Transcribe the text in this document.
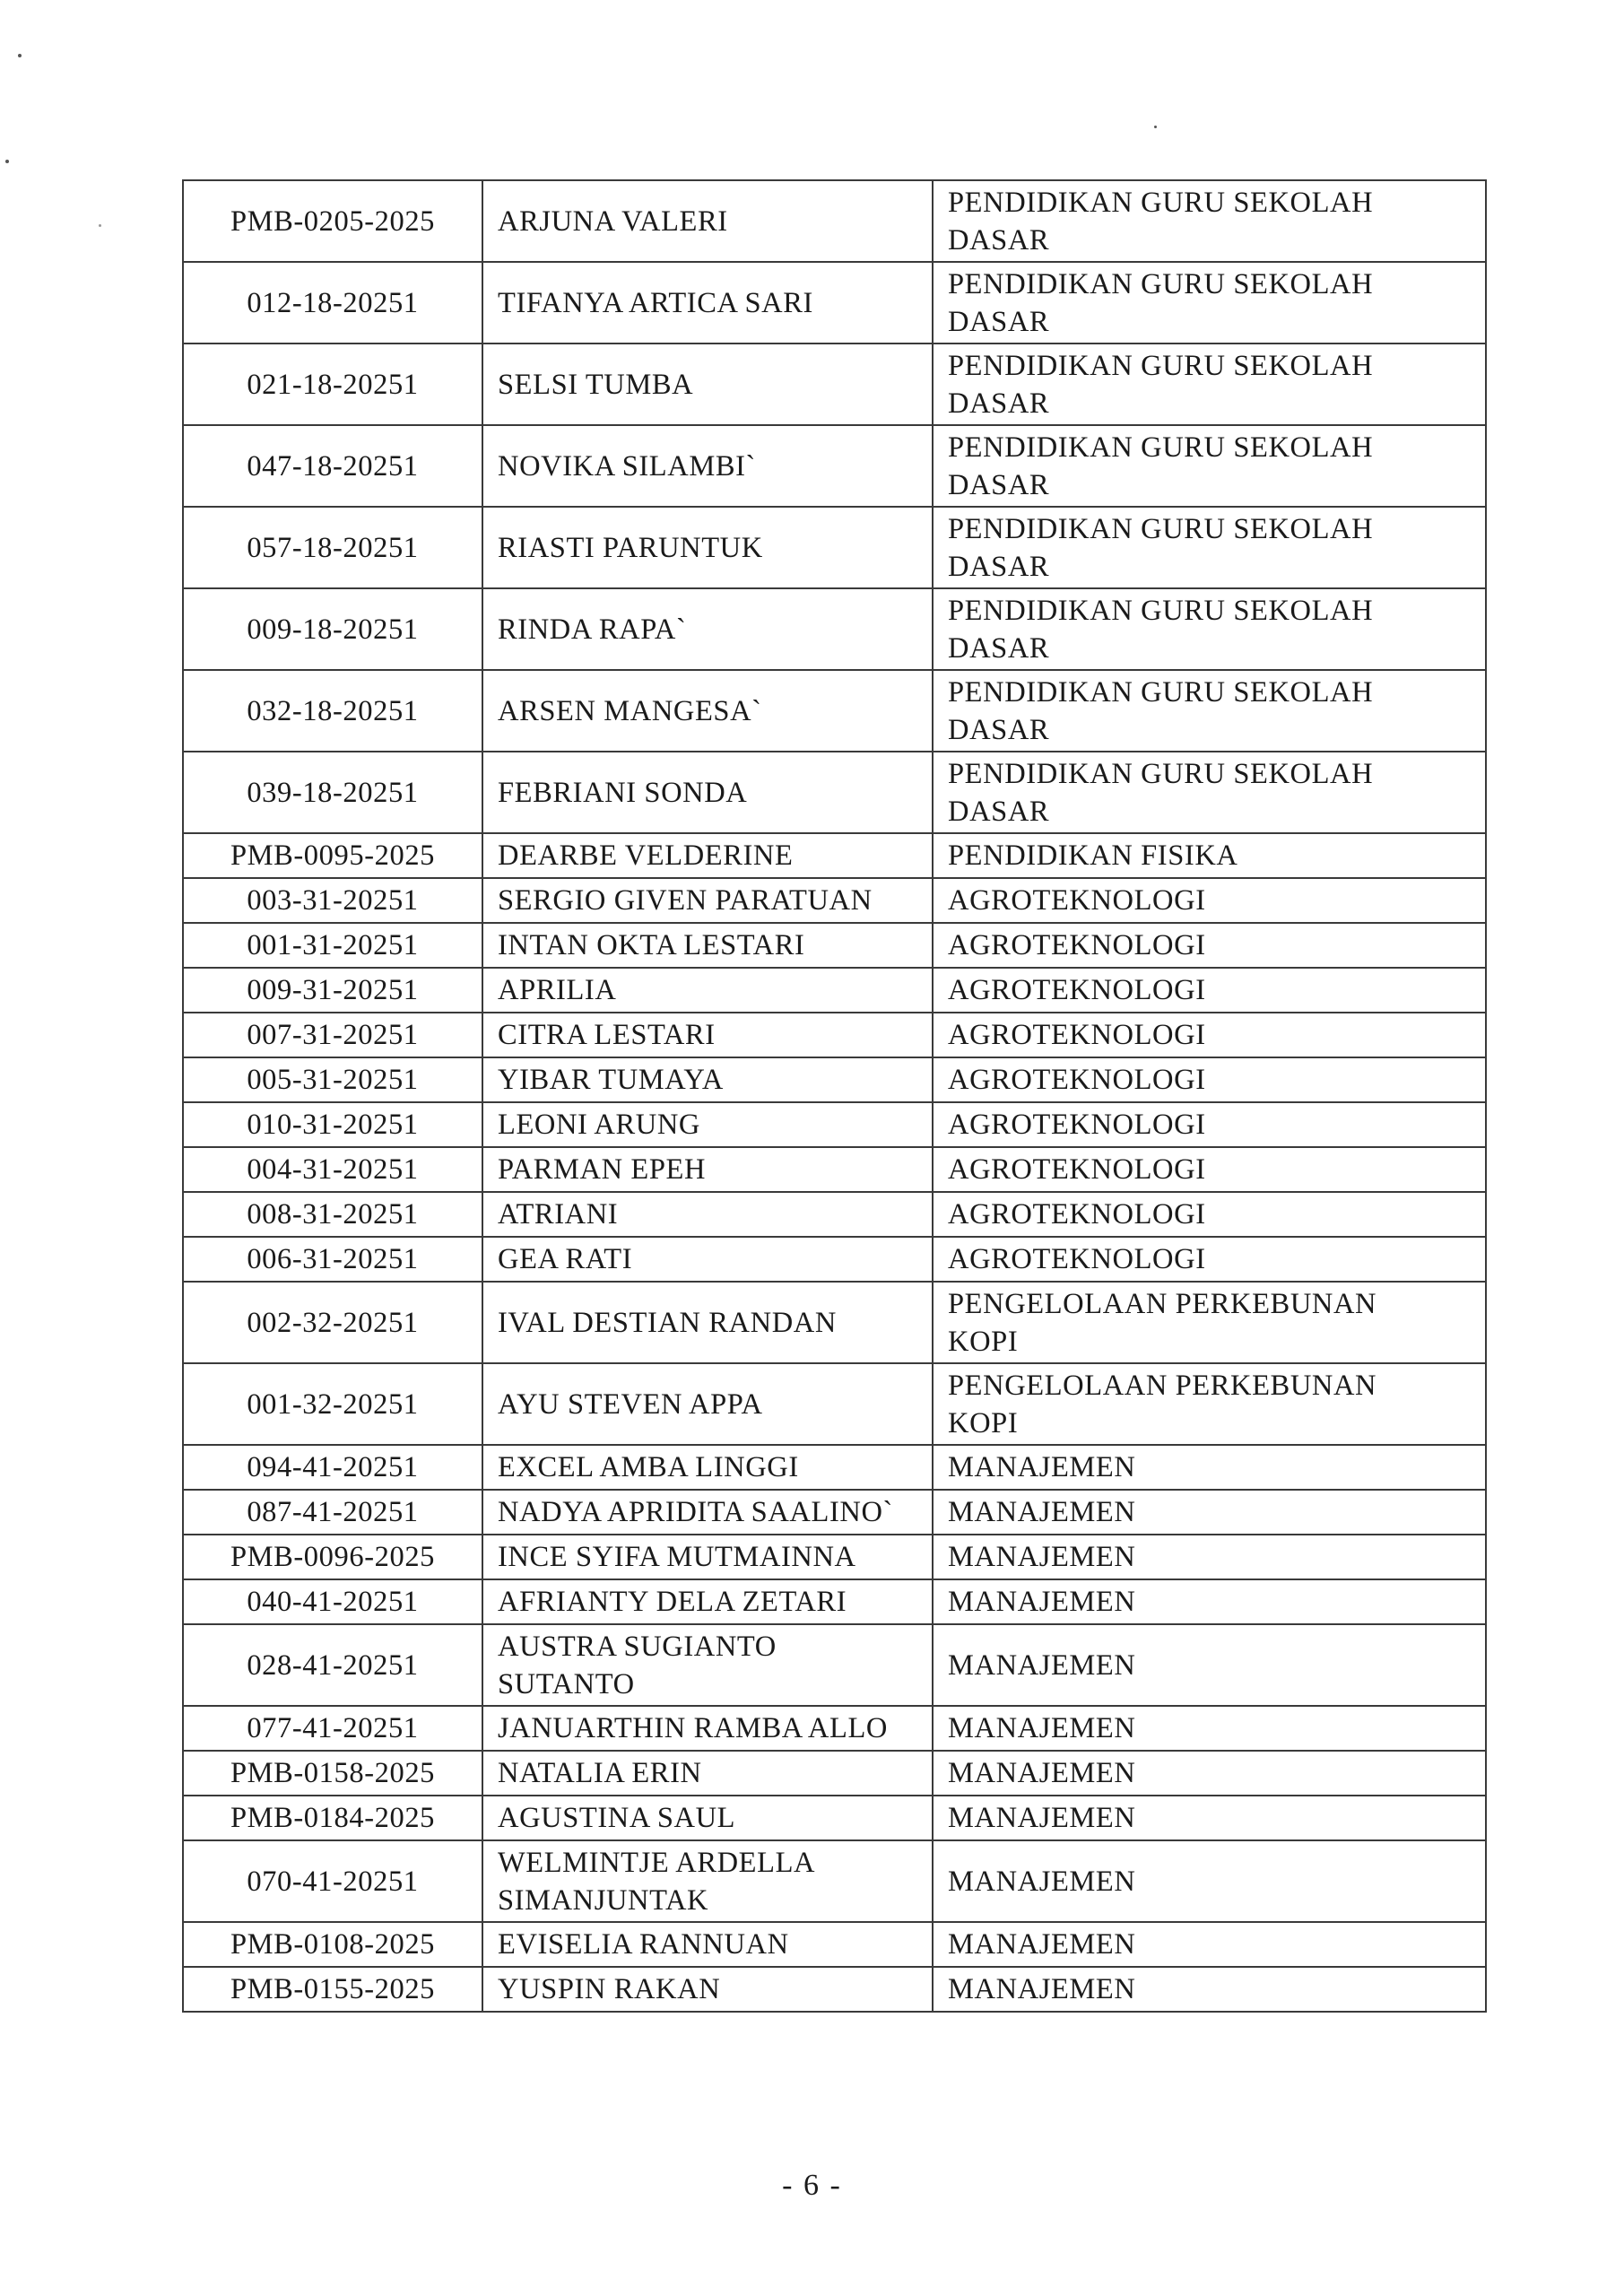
PMB-0205-2025	ARJUNA VALERI	PENDIDIKAN GURU SEKOLAH
DASAR

012-18-20251	TIFANYA ARTICA SARI	PENDIDIKAN GURU SEKOLAH
DASAR

021-18-20251	SELSI TUMBA	PENDIDIKAN GURU SEKOLAH
DASAR

047-18-20251	NOVIKA SILAMBI`	PENDIDIKAN GURU SEKOLAH
DASAR

057-18-20251	RIASTI PARUNTUK	PENDIDIKAN GURU SEKOLAH
DASAR

009-18-20251	RINDA RAPA`	PENDIDIKAN GURU SEKOLAH
DASAR

032-18-20251	ARSEN MANGESA`	PENDIDIKAN GURU SEKOLAH
DASAR

039-18-20251	FEBRIANI SONDA	PENDIDIKAN GURU SEKOLAH
DASAR

PMB-0095-2025	DEARBE VELDERINE	PENDIDIKAN FISIKA

003-31-20251	SERGIO GIVEN PARATUAN	AGROTEKNOLOGI

001-31-20251	INTAN OKTA LESTARI	AGROTEKNOLOGI

009-31-20251	APRILIA	AGROTEKNOLOGI

007-31-20251	CITRA LESTARI	AGROTEKNOLOGI

005-31-20251	YIBAR TUMAYA	AGROTEKNOLOGI

010-31-20251	LEONI ARUNG	AGROTEKNOLOGI

004-31-20251	PARMAN EPEH	AGROTEKNOLOGI

008-31-20251	ATRIANI	AGROTEKNOLOGI

006-31-20251	GEA RATI	AGROTEKNOLOGI

002-32-20251	IVAL DESTIAN RANDAN	PENGELOLAAN PERKEBUNAN
KOPI

001-32-20251	AYU STEVEN APPA	PENGELOLAAN PERKEBUNAN
KOPI

094-41-20251	EXCEL AMBA LINGGI	MANAJEMEN

087-41-20251	NADYA APRIDITA SAALINO`	MANAJEMEN

PMB-0096-2025	INCE SYIFA MUTMAINNA	MANAJEMEN

040-41-20251	AFRIANTY DELA ZETARI	MANAJEMEN

028-41-20251	AUSTRA SUGIANTO
SUTANTO	MANAJEMEN

077-41-20251	JANUARTHIN RAMBA ALLO	MANAJEMEN

PMB-0158-2025	NATALIA ERIN	MANAJEMEN

PMB-0184-2025	AGUSTINA SAUL	MANAJEMEN

070-41-20251	WELMINTJE ARDELLA
SIMANJUNTAK	MANAJEMEN

PMB-0108-2025	EVISELIA RANNUAN	MANAJEMEN

PMB-0155-2025	YUSPIN RAKAN	MANAJEMEN
- 6 -
